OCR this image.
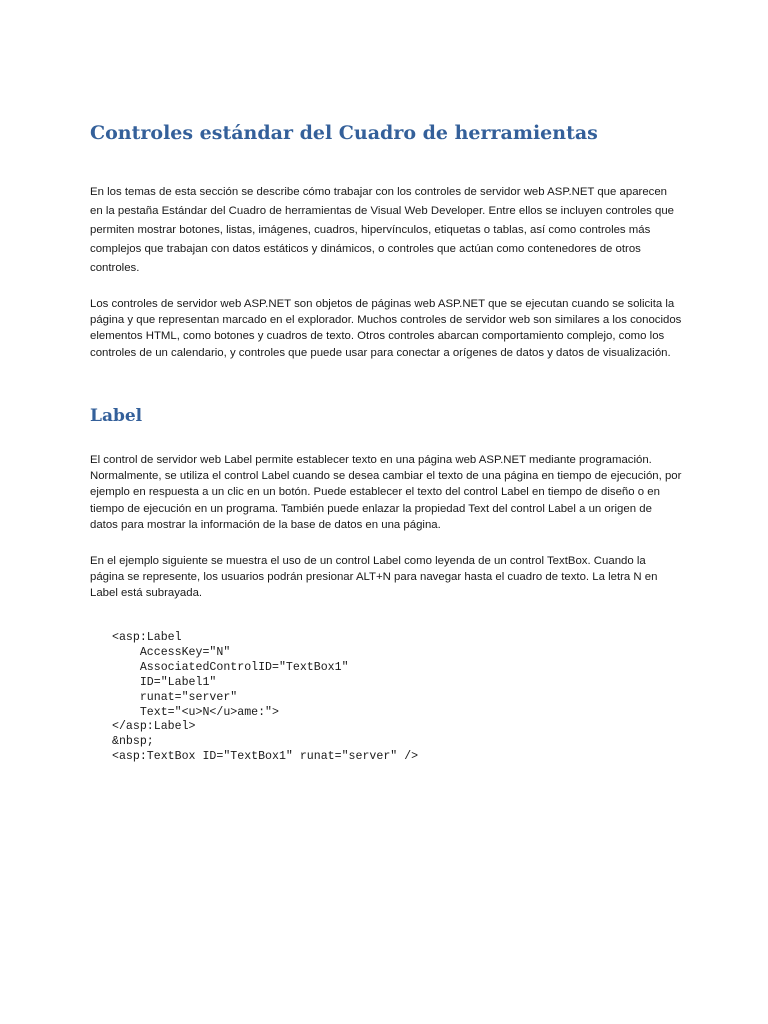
Controles estándar del Cuadro de herramientas

En los temas de esta sección se describe cómo trabajar con los controles de servidor web ASP.NET que aparecen en la pestaña Estándar del Cuadro de herramientas de Visual Web Developer. Entre ellos se incluyen controles que permiten mostrar botones, listas, imágenes, cuadros, hipervínculos, etiquetas o tablas, así como controles más complejos que trabajan con datos estáticos y dinámicos, o controles que actúan como contenedores de otros controles.

Los controles de servidor web ASP.NET son objetos de páginas web ASP.NET que se ejecutan cuando se solicita la página y que representan marcado en el explorador. Muchos controles de servidor web son similares a los conocidos elementos HTML, como botones y cuadros de texto. Otros controles abarcan comportamiento complejo, como los controles de un calendario, y controles que puede usar para conectar a orígenes de datos y datos de visualización.

Label

El control de servidor web Label permite establecer texto en una página web ASP.NET mediante programación. Normalmente, se utiliza el control Label cuando se desea cambiar el texto de una página en tiempo de ejecución, por ejemplo en respuesta a un clic en un botón. Puede establecer el texto del control Label en tiempo de diseño o en tiempo de ejecución en un programa. También puede enlazar la propiedad Text del control Label a un origen de datos para mostrar la información de la base de datos en una página.

En el ejemplo siguiente se muestra el uso de un control Label como leyenda de un control TextBox. Cuando la página se represente, los usuarios podrán presionar ALT+N para navegar hasta el cuadro de texto. La letra N en Label está subrayada.

<asp:Label
AccessKey="N"
AssociatedControlID="TextBox1"
ID="Label1"
runat="server"
Text="<u>N</u>ame:">
</asp:Label>
&nbsp;
<asp:TextBox ID="TextBox1" runat="server" />
